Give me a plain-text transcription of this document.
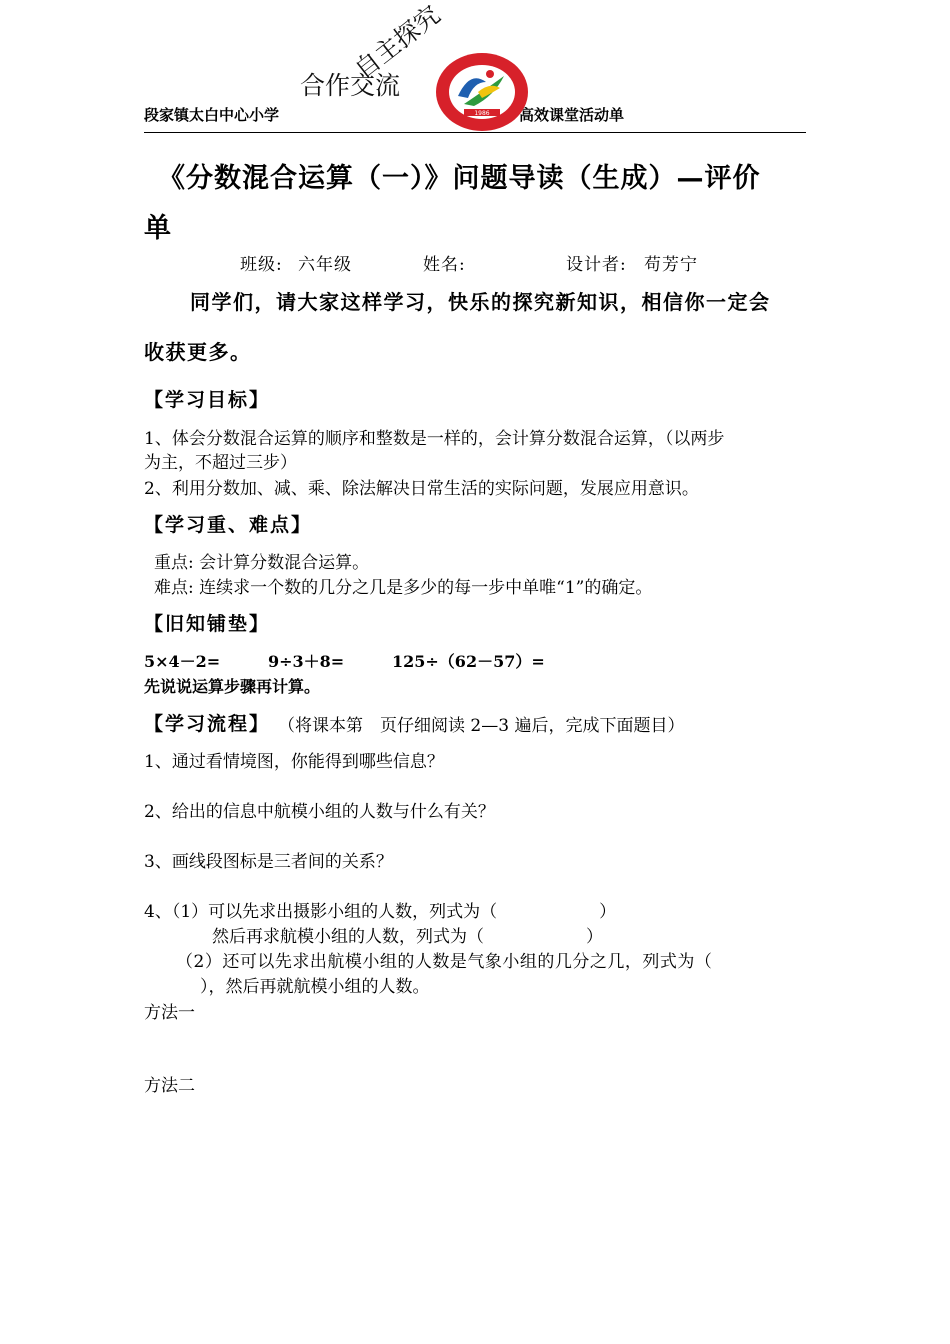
合作交流
自主探究
段家镇太白中心小学	高效课堂活动单
1986
《分数混合运算（一）》问题导读（生成）—评价
单
班级: 六年级	姓名:	设计者: 苟芳宁
同学们，请大家这样学习，快乐的探究新知识，相信你一定会
收获更多。
【学习目标】
1、体会分数混合运算的顺序和整数是一样的，会计算分数混合运算，（以两步
为主，不超过三步）
2、利用分数加、减、乘、除法解决日常生活的实际问题，发展应用意识。
【学习重、难点】
重点: 会计算分数混合运算。
难点: 连续求一个数的几分之几是多少的每一步中单唯“1”的确定。
【旧知铺垫】
5×4－2=	9÷3＋8=	125÷（62－57）=
先说说运算步骤再计算。
【学习流程】 （将课本第　页仔细阅读 2—3 遍后，完成下面题目）
1、通过看情境图，你能得到哪些信息？
2、给出的信息中航模小组的人数与什么有关？
3、画线段图标是三者间的关系？
4、（1）可以先求出摄影小组的人数，列式为（　　　　　　）
然后再求航模小组的人数，列式为（　　　　　　）
（2）还可以先求出航模小组的人数是气象小组的几分之几，列式为（
），然后再就航模小组的人数。
方法一
方法二
